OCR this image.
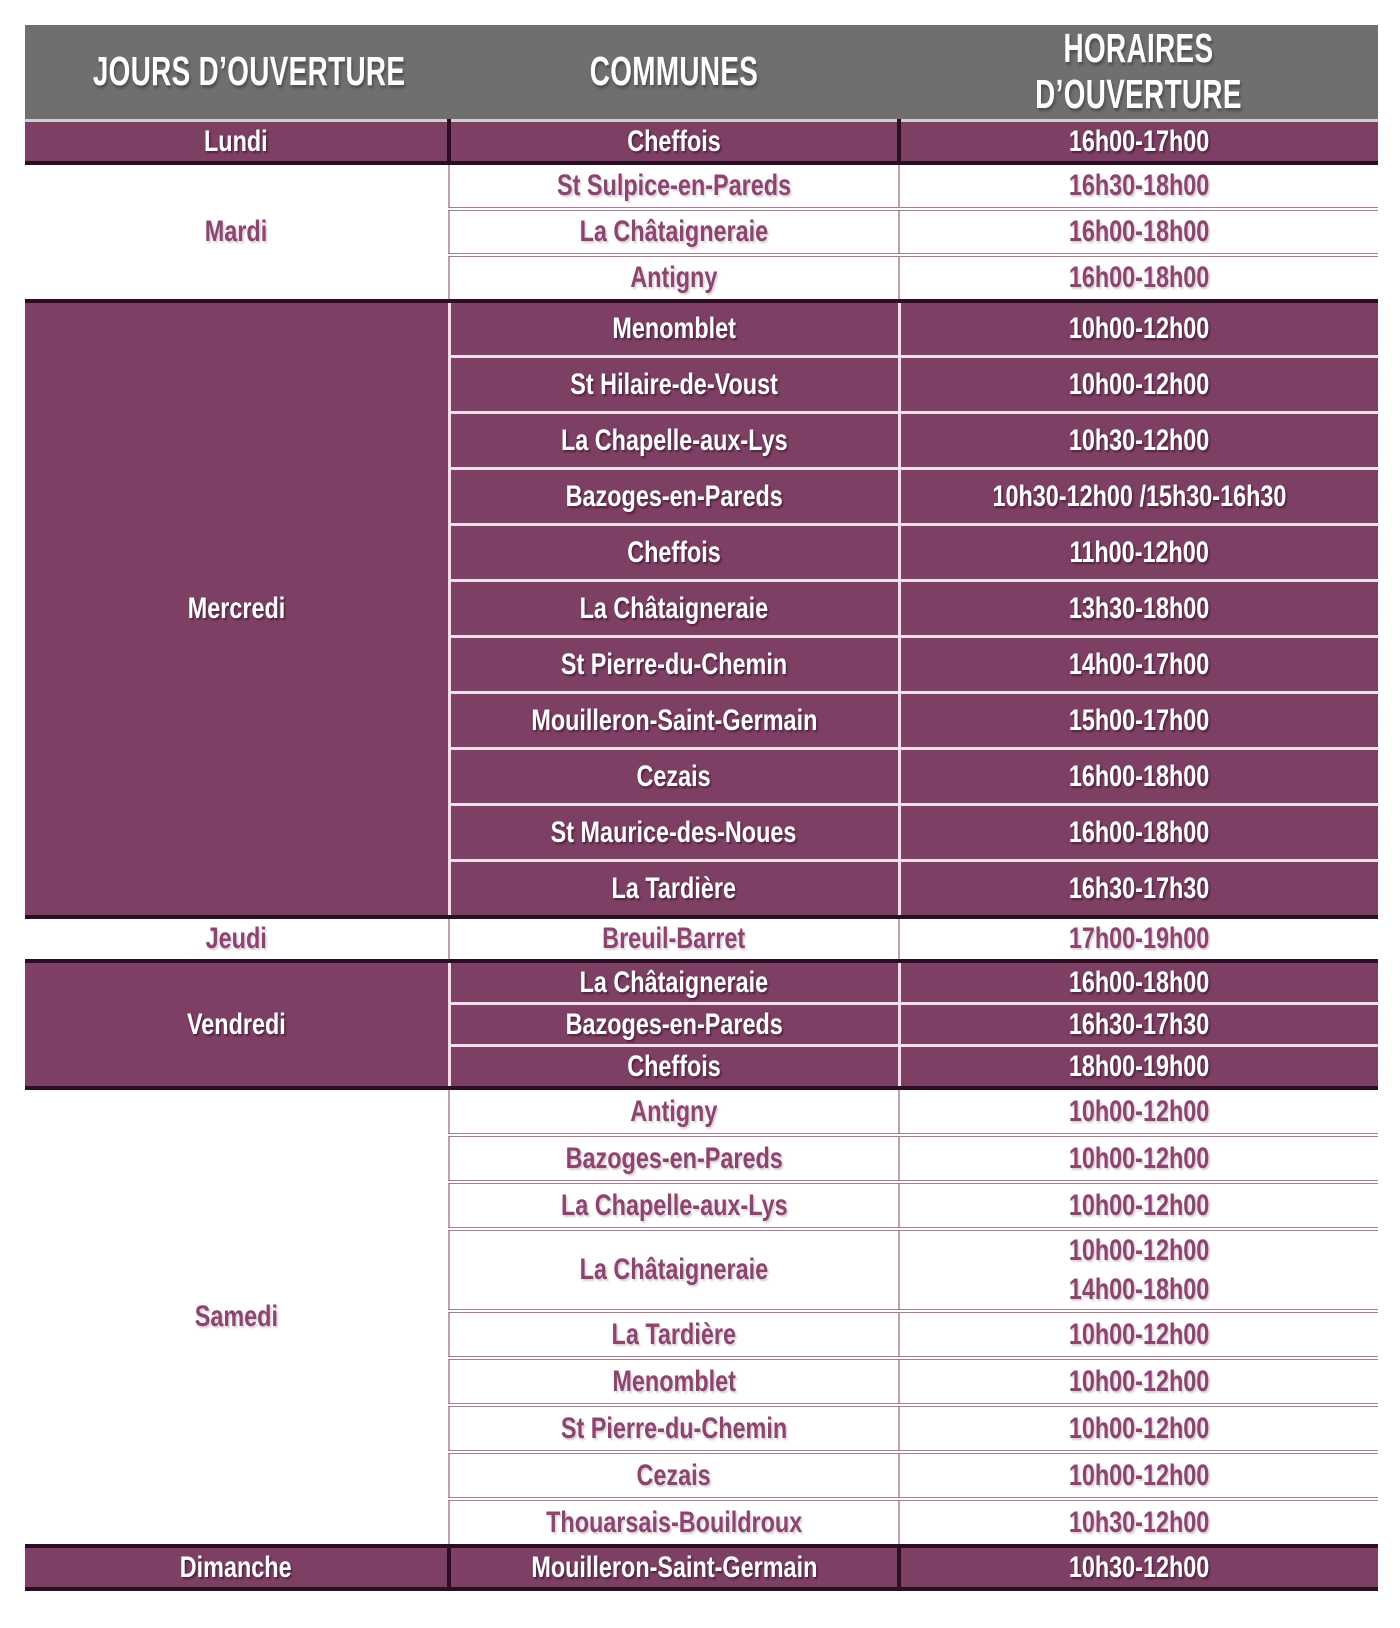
JOURS D’OUVERTURE	COMMUNES	HORAIRES
D’OUVERTURE

Lundi	Cheffois	16h00-17h00
Mardi	St Sulpice-en-Pareds	16h30-18h00
	La Châtaigneraie	16h00-18h00
	Antigny	16h00-18h00
Mercredi	Menomblet	10h00-12h00
	St Hilaire-de-Voust	10h00-12h00
	La Chapelle-aux-Lys	10h30-12h00
	Bazoges-en-Pareds	10h30-12h00 /15h30-16h30
	Cheffois	11h00-12h00
	La Châtaigneraie	13h30-18h00
	St Pierre-du-Chemin	14h00-17h00
	Mouilleron-Saint-Germain	15h00-17h00
	Cezais	16h00-18h00
	St Maurice-des-Noues	16h00-18h00
	La Tardière	16h30-17h30
Jeudi	Breuil-Barret	17h00-19h00
Vendredi	La Châtaigneraie	16h00-18h00
	Bazoges-en-Pareds	16h30-17h30
	Cheffois	18h00-19h00
Samedi	Antigny	10h00-12h00
	Bazoges-en-Pareds	10h00-12h00
	La Chapelle-aux-Lys	10h00-12h00
	La Châtaigneraie	10h00-12h00
14h00-18h00
	La Tardière	10h00-12h00
	Menomblet	10h00-12h00
	St Pierre-du-Chemin	10h00-12h00
	Cezais	10h00-12h00
	Thouarsais-Bouildroux	10h30-12h00
Dimanche	Mouilleron-Saint-Germain	10h30-12h00
